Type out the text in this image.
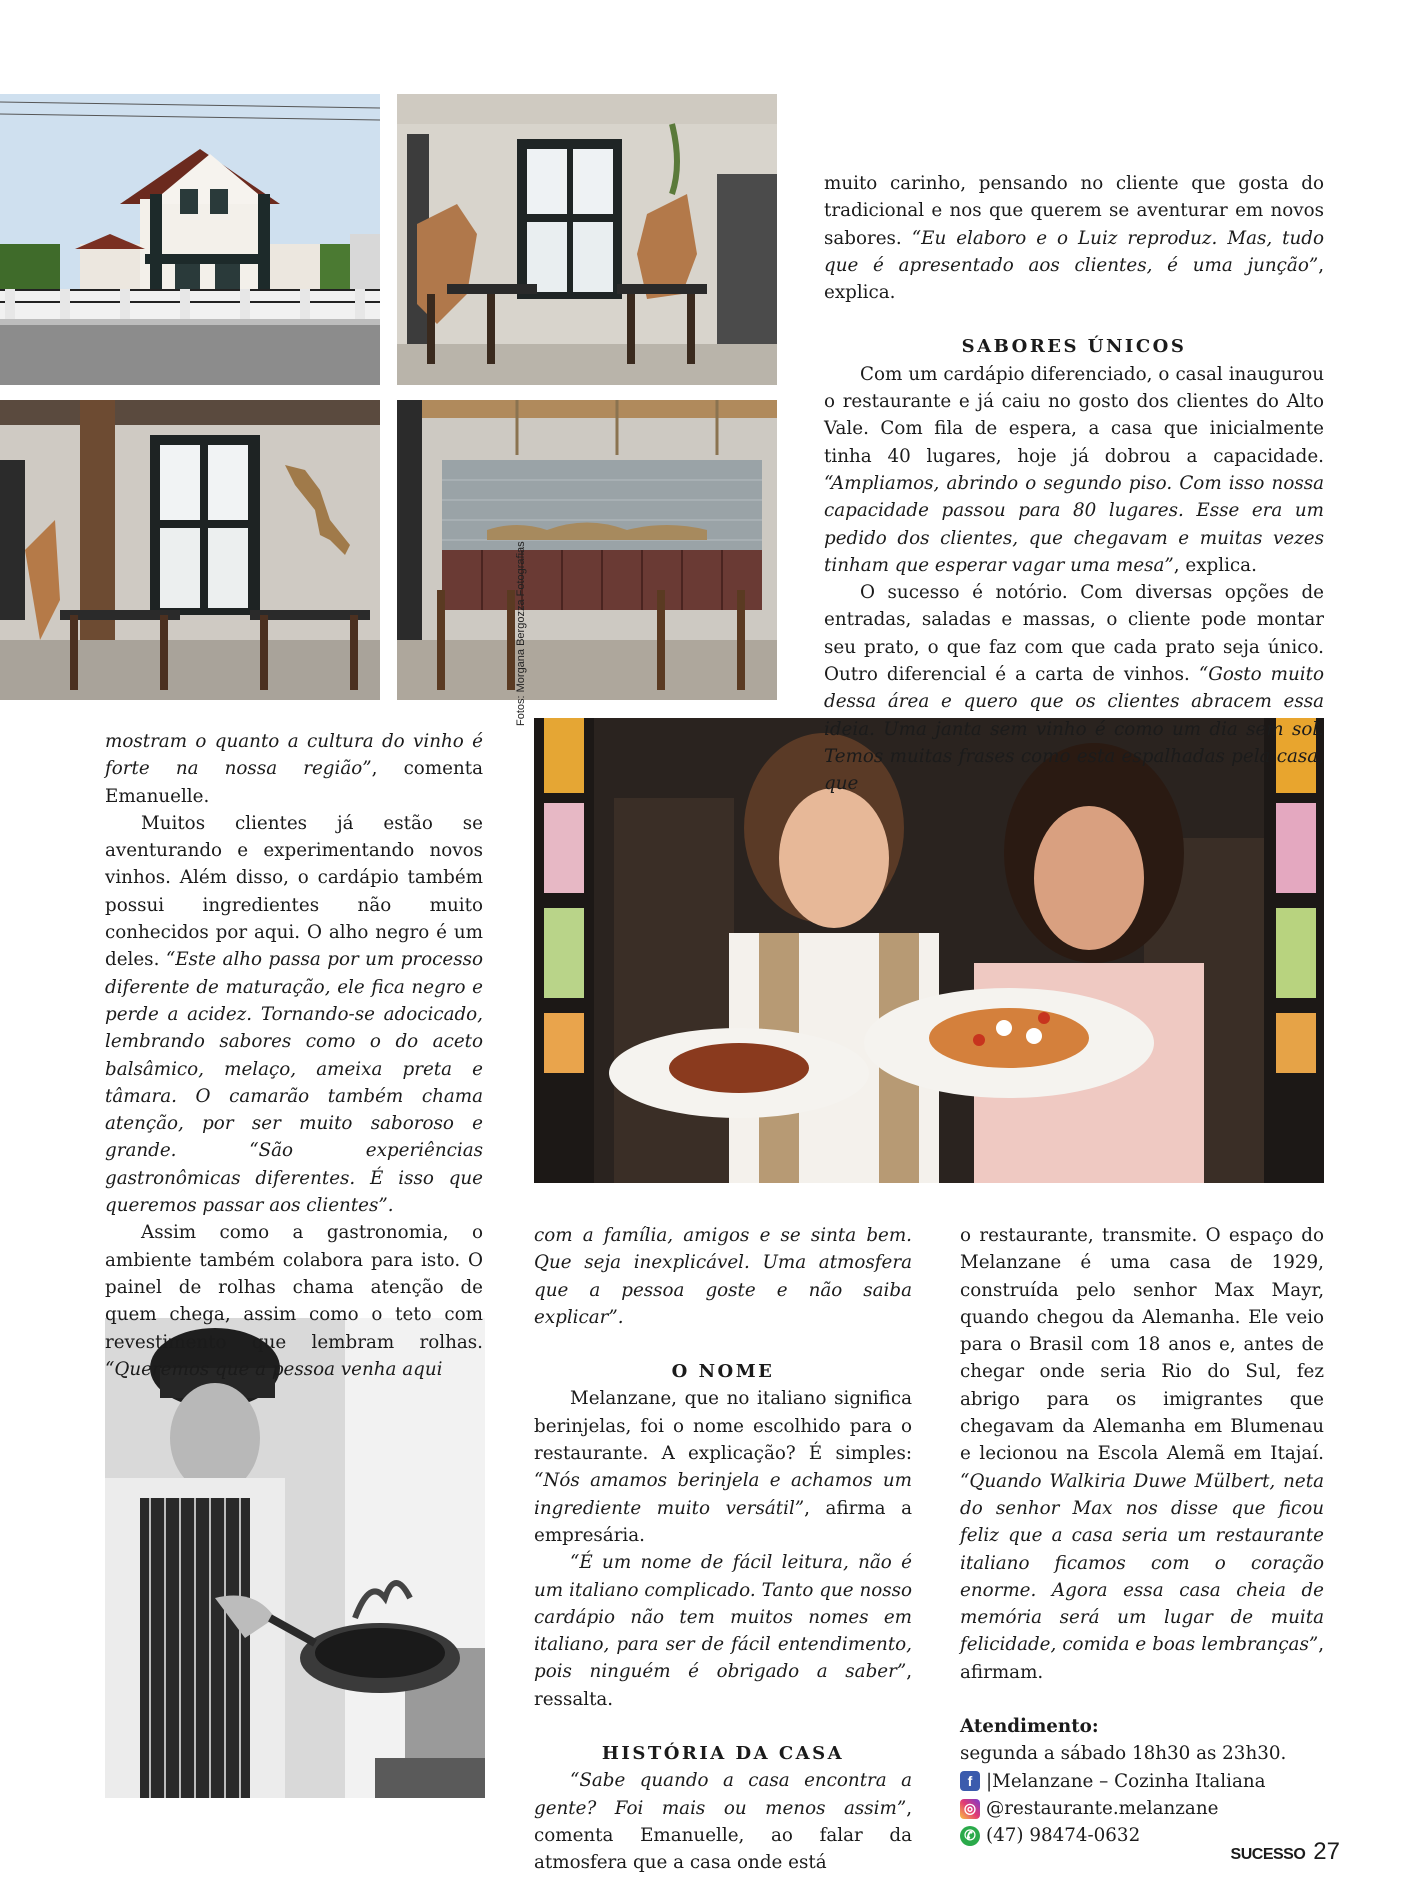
Fotos: Morgana Bergozza Fotografias

muito carinho, pensando no cliente que gosta do tradicional e nos que querem se aventurar em novos sabores. “Eu elaboro e o Luiz reproduz. Mas, tudo que é apresentado aos clientes, é uma junção”, explica.

SABORES ÚNICOS

Com um cardápio diferenciado, o casal inaugurou o restaurante e já caiu no gosto dos clientes do Alto Vale. Com fila de espera, a casa que inicialmente tinha 40 lugares, hoje já dobrou a capacidade. “Ampliamos, abrindo o segundo piso. Com isso nossa capacidade passou para 80 lugares. Esse era um pedido dos clientes, que chegavam e muitas vezes tinham que esperar vagar uma mesa”, explica.

O sucesso é notório. Com diversas opções de entradas, saladas e massas, o cliente pode montar seu prato, o que faz com que cada prato seja único. Outro diferencial é a carta de vinhos. “Gosto muito dessa área e quero que os clientes abracem essa ideia. Uma janta sem vinho é como um dia sem sol. Temos muitas frases como esta espalhadas pela casa, que

mostram o quanto a cultura do vinho é forte na nossa região”, comenta Emanuelle.

Muitos clientes já estão se aventurando e experimentando novos vinhos. Além disso, o cardápio também possui ingredientes não muito conhecidos por aqui. O alho negro é um deles. “Este alho passa por um processo diferente de maturação, ele fica negro e perde a acidez. Tornando-se adocicado, lembrando sabores como o do aceto balsâmico, melaço, ameixa preta e tâmara. O camarão também chama atenção, por ser muito saboroso e grande. “São experiências gastronômicas diferentes. É isso que queremos passar aos clientes”.

Assim como a gastronomia, o ambiente também colabora para isto. O painel de rolhas chama atenção de quem chega, assim como o teto com revestimento que lembram rolhas. “Queremos que a pessoa venha aqui

com a família, amigos e se sinta bem. Que seja inexplicável. Uma atmosfera que a pessoa goste e não saiba explicar”.

O NOME

Melanzane, que no italiano significa berinjelas, foi o nome escolhido para o restaurante. A explicação? É simples: “Nós amamos berinjela e achamos um ingrediente muito versátil”, afirma a empresária.

“É um nome de fácil leitura, não é um italiano complicado. Tanto que nosso cardápio não tem muitos nomes em italiano, para ser de fácil entendimento, pois ninguém é obrigado a saber”, ressalta.

HISTÓRIA DA CASA

“Sabe quando a casa encontra a gente? Foi mais ou menos assim”, comenta Emanuelle, ao falar da atmosfera que a casa onde está

o restaurante, transmite. O espaço do Melanzane é uma casa de 1929, construída pelo senhor Max Mayr, quando chegou da Alemanha. Ele veio para o Brasil com 18 anos e, antes de chegar onde seria Rio do Sul, fez abrigo para os imigrantes que chegavam da Alemanha em Blumenau e lecionou na Escola Alemã em Itajaí. “Quando Walkiria Duwe Mülbert, neta do senhor Max nos disse que ficou feliz que a casa seria um restaurante italiano ficamos com o coração enorme. Agora essa casa cheia de memória será um lugar de muita felicidade, comida e boas lembranças”, afirmam.

Atendimento:
segunda a sábado 18h30 as 23h30.
f |Melanzane – Cozinha Italiana
◎ @restaurante.melanzane
✆ (47) 98474-0632
SUCESSO 27
